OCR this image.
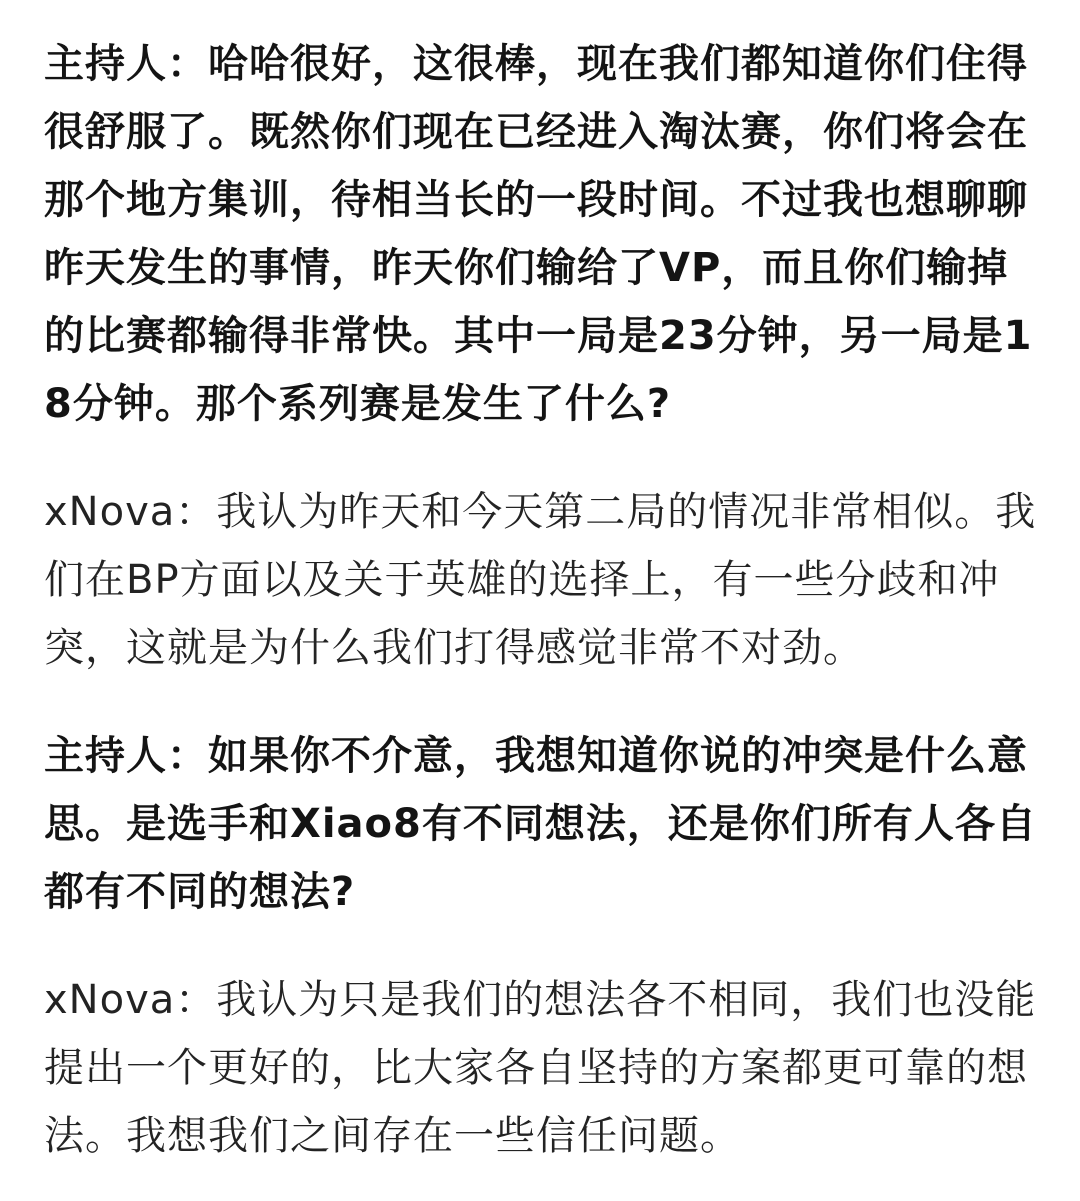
主持人：哈哈很好，这很棒，现在我们都知道你们住得很舒服了。既然你们现在已经进入淘汰赛，你们将会在那个地方集训，待相当长的一段时间。不过我也想聊聊昨天发生的事情，昨天你们输给了VP，而且你们输掉的比赛都输得非常快。其中一局是23分钟，另一局是18分钟。那个系列赛是发生了什么?

xNova：我认为昨天和今天第二局的情况非常相似。我们在BP方面以及关于英雄的选择上，有一些分歧和冲突，这就是为什么我们打得感觉非常不对劲。

主持人：如果你不介意，我想知道你说的冲突是什么意思。是选手和Xiao8有不同想法，还是你们所有人各自都有不同的想法?

xNova：我认为只是我们的想法各不相同，我们也没能提出一个更好的，比大家各自坚持的方案都更可靠的想法。我想我们之间存在一些信任问题。
